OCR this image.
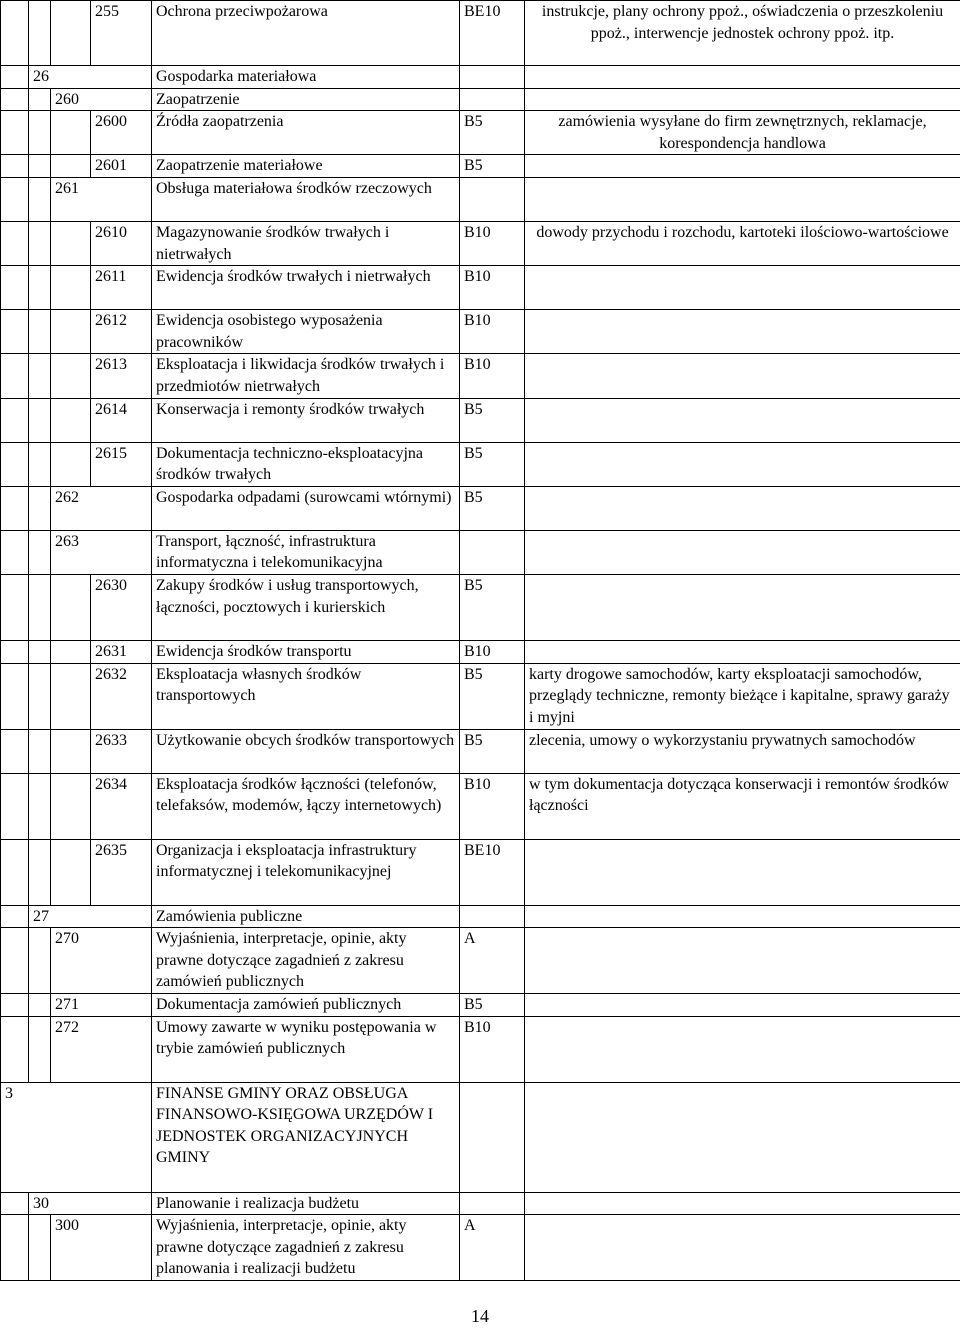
			255	Ochrona przeciwpożarowa	BE10	instrukcje, plany ochrony ppoż., oświadczenia o przeszkoleniu ppoż., interwencje jednostek ochrony ppoż. itp.
	26			Gospodarka materiałowa		
		260		Zaopatrzenie		
			2600	Źródła zaopatrzenia	B5	zamówienia wysyłane do firm zewnętrznych, reklamacje, korespondencja handlowa
			2601	Zaopatrzenie materiałowe	B5	
		261		Obsługa materiałowa środków rzeczowych		
			2610	Magazynowanie środków trwałych i nietrwałych	B10	dowody przychodu i rozchodu, kartoteki ilościowo-wartościowe
			2611	Ewidencja środków trwałych i nietrwałych	B10	
			2612	Ewidencja osobistego wyposażenia pracowników	B10	
			2613	Eksploatacja i likwidacja środków trwałych i przedmiotów nietrwałych	B10	
			2614	Konserwacja i remonty środków trwałych	B5	
			2615	Dokumentacja techniczno-eksploatacyjna środków trwałych	B5	
		262		Gospodarka odpadami (surowcami wtórnymi)	B5	
		263		Transport, łączność, infrastruktura informatyczna i telekomunikacyjna		
			2630	Zakupy środków i usług transportowych, łączności, pocztowych i kurierskich	B5	
			2631	Ewidencja środków transportu	B10	
			2632	Eksploatacja własnych środków transportowych	B5	karty drogowe samochodów, karty eksploatacji samochodów, przeglądy techniczne, remonty bieżące i kapitalne, sprawy garaży i myjni
			2633	Użytkowanie obcych środków transportowych	B5	zlecenia, umowy o wykorzystaniu prywatnych samochodów
			2634	Eksploatacja środków łączności (telefonów, telefaksów, modemów, łączy internetowych)	B10	w tym dokumentacja dotycząca konserwacji i remontów środków łączności
			2635	Organizacja i eksploatacja infrastruktury informatycznej i telekomunikacyjnej	BE10	
	27			Zamówienia publiczne		
		270		Wyjaśnienia, interpretacje, opinie, akty prawne dotyczące zagadnień z zakresu zamówień publicznych	A	
		271		Dokumentacja zamówień publicznych	B5	
		272		Umowy zawarte w wyniku postępowania w trybie zamówień publicznych	B10	
3				FINANSE GMINY ORAZ OBSŁUGA FINANSOWO-KSIĘGOWA URZĘDÓW I JEDNOSTEK ORGANIZACYJNYCH GMINY		
	30			Planowanie i realizacja budżetu		
		300		Wyjaśnienia, interpretacje, opinie, akty prawne dotyczące zagadnień z zakresu planowania i realizacji budżetu	A	
14
